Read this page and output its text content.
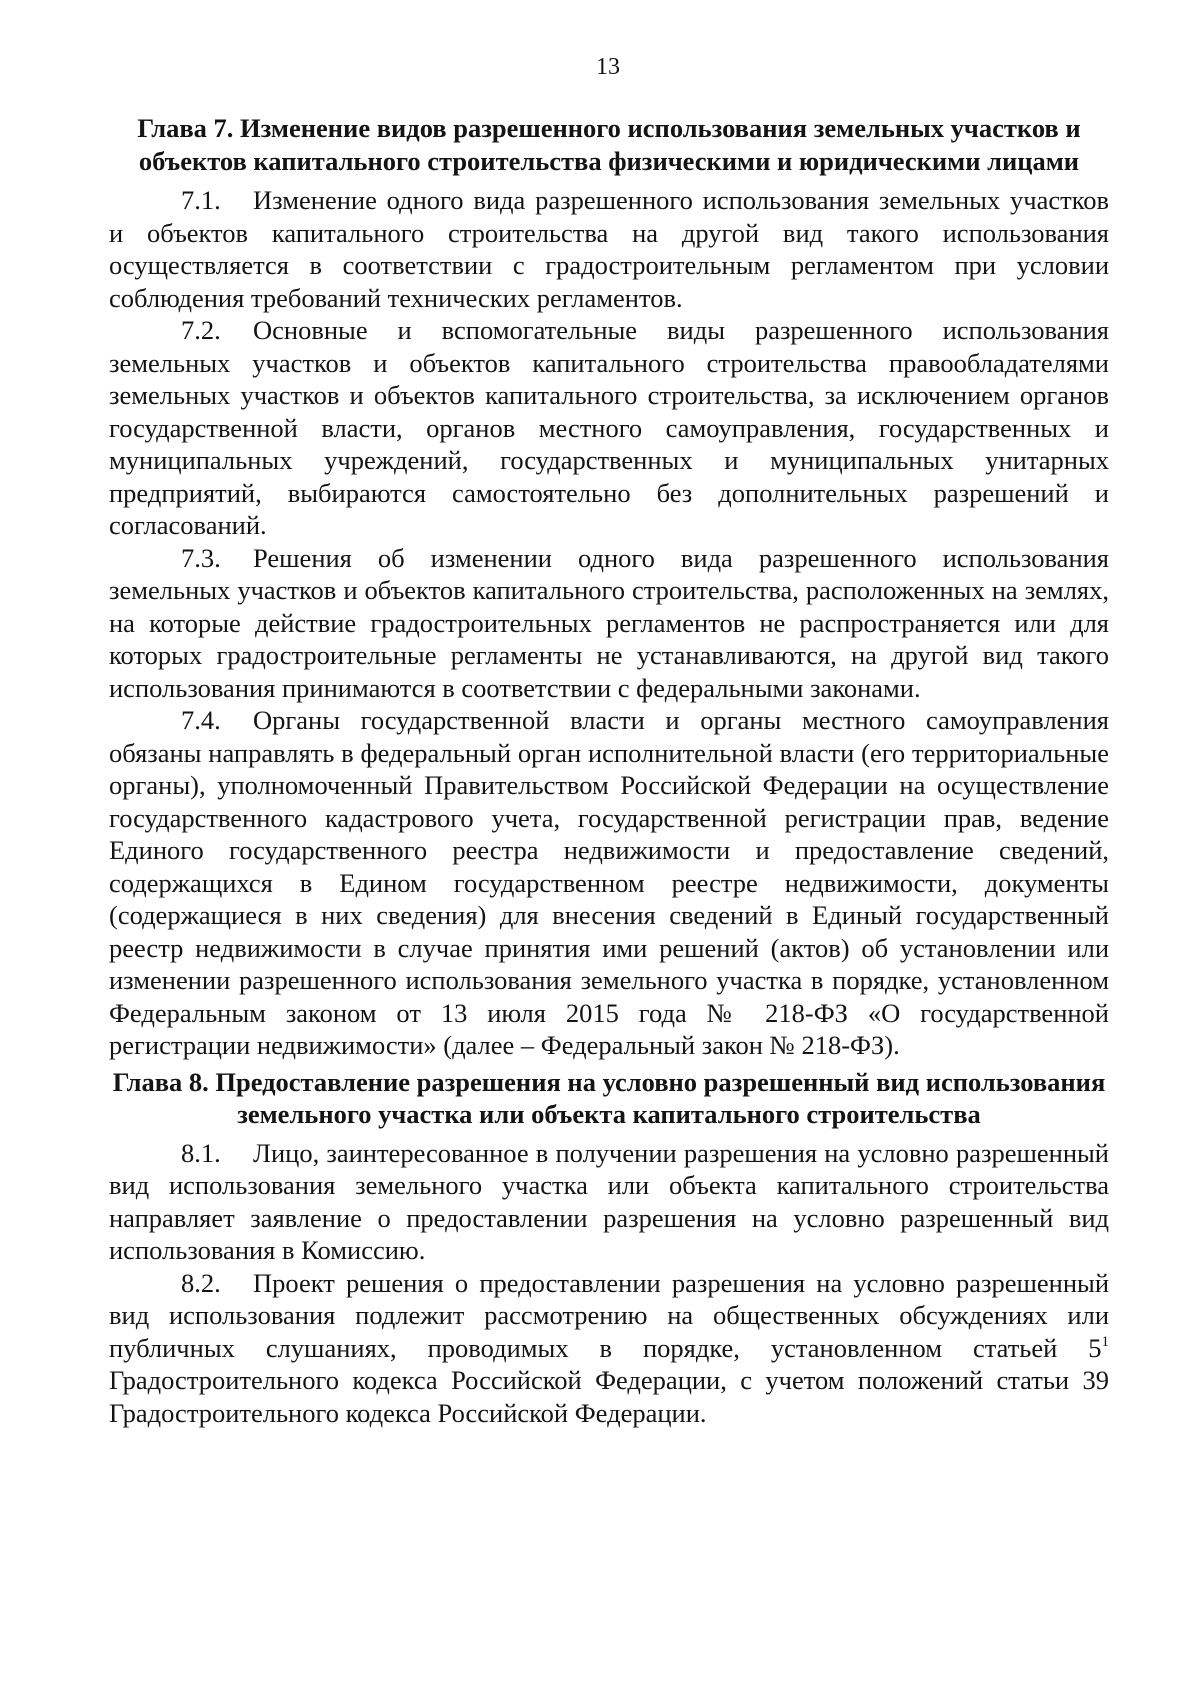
13
Глава 7. Изменение видов разрешенного использования земельных участков и объектов капитального строительства физическими и юридическими лицами

7.1. Изменение одного вида разрешенного использования земельных участков и объектов капитального строительства на другой вид такого использования осуществляется в соответствии с градостроительным регламентом при условии соблюдения требований технических регламентов.

7.2. Основные и вспомогательные виды разрешенного использования земельных участков и объектов капитального строительства правообладателями земельных участков и объектов капитального строительства, за исключением органов государственной власти, органов местного самоуправления, государственных и муниципальных учреждений, государственных и муниципальных унитарных предприятий, выбираются самостоятельно без дополнительных разрешений и согласований.

7.3. Решения об изменении одного вида разрешенного использования земельных участков и объектов капитального строительства, расположенных на землях, на которые действие градостроительных регламентов не распространяется или для которых градостроительные регламенты не устанавливаются, на другой вид такого использования принимаются в соответствии с федеральными законами.

7.4. Органы государственной власти и органы местного самоуправления обязаны направлять в федеральный орган исполнительной власти (его территориальные органы), уполномоченный Правительством Российской Федерации на осуществление государственного кадастрового учета, государственной регистрации прав, ведение Единого государственного реестра недвижимости и предоставление сведений, содержащихся в Едином государственном реестре недвижимости, документы (содержащиеся в них сведения) для внесения сведений в Единый государственный реестр недвижимости в случае принятия ими решений (актов) об установлении или изменении разрешенного использования земельного участка в порядке, установленном Федеральным законом от 13 июля 2015 года № 218-ФЗ «О государственной регистрации недвижимости» (далее – Федеральный закон № 218-ФЗ).

Глава 8. Предоставление разрешения на условно разрешенный вид использования земельного участка или объекта капитального строительства

8.1. Лицо, заинтересованное в получении разрешения на условно разрешенный вид использования земельного участка или объекта капитального строительства направляет заявление о предоставлении разрешения на условно разрешенный вид использования в Комиссию.

8.2. Проект решения о предоставлении разрешения на условно разрешенный вид использования подлежит рассмотрению на общественных обсуждениях или публичных слушаниях, проводимых в порядке, установленном статьей $5^1$ Градостроительного кодекса Российской Федерации, с учетом положений статьи 39 Градостроительного кодекса Российской Федерации.
